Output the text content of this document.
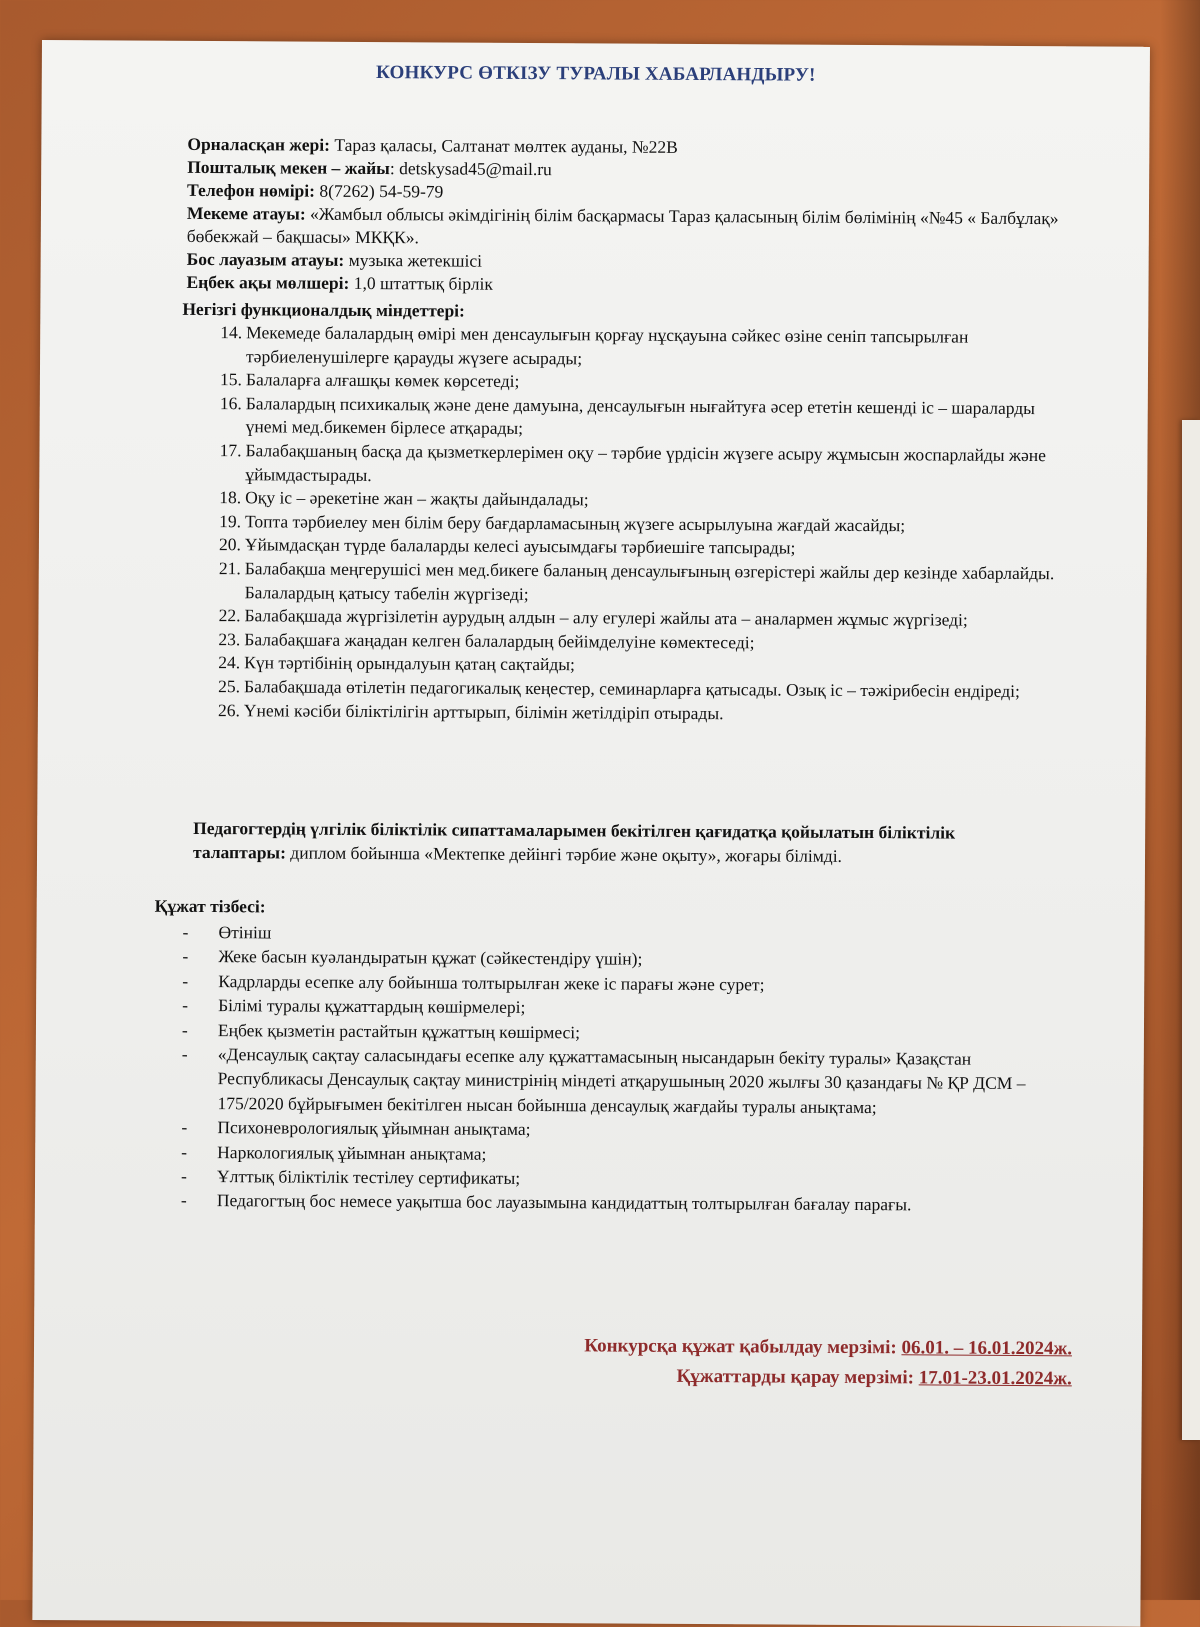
КОНКУРС ӨТКІЗУ ТУРАЛЫ ХАБАРЛАНДЫРУ!

Орналасқан жері: Тараз қаласы, Салтанат мөлтек ауданы, №22В

Пошталық мекен – жайы: detskysad45@mail.ru

Телефон нөмірі: 8(7262) 54-59-79

Мекеме атауы: «Жамбыл облысы әкімдігінің білім басқармасы Тараз қаласының білім бөлімінің «№45 « Балбұлақ» бөбекжай – бақшасы» МКҚК».

Бос лауазым атауы: музыка жетекшісі

Еңбек ақы мөлшері: 1,0 штаттық бірлік

Негізгі функционалдық міндеттері:
14. Мекемеде балалардың өмірі мен денсаулығын қорғау нұсқауына сәйкес өзіне сеніп тапсырылған тәрбиеленушілерге қарауды жүзеге асырады;
15. Балаларға алғашқы көмек көрсетеді;
16. Балалардың психикалық және дене дамуына, денсаулығын нығайтуға әсер ететін кешенді іс – шараларды үнемі мед.бикемен бірлесе атқарады;
17. Балабақшаның басқа да қызметкерлерімен оқу – тәрбие үрдісін жүзеге асыру жұмысын жоспарлайды және ұйымдастырады.
18. Оқу іс – әрекетіне жан – жақты дайындалады;
19. Топта тәрбиелеу мен білім беру бағдарламасының жүзеге асырылуына жағдай жасайды;
20. Ұйымдасқан түрде балаларды келесі ауысымдағы тәрбиешіге тапсырады;
21. Балабақша меңгерушісі мен мед.бикеге баланың денсаулығының өзгерістері жайлы дер кезінде хабарлайды. Балалардың қатысу табелін жүргізеді;
22. Балабақшада жүргізілетін аурудың алдын – алу егулері жайлы ата – аналармен жұмыс жүргізеді;
23. Балабақшаға жаңадан келген балалардың бейімделуіне көмектеседі;
24. Күн тәртібінің орындалуын қатаң сақтайды;
25. Балабақшада өтілетін педагогикалық кеңестер, семинарларға қатысады. Озық іс – тәжірибесін ендіреді;
26. Үнемі кәсіби біліктілігін арттырып, білімін жетілдіріп отырады.
Педагогтердің үлгілік біліктілік сипаттамаларымен бекітілген қағидатқа қойылатын біліктілік талаптары: диплом бойынша «Мектепке дейінгі тәрбие және оқыту», жоғары білімді.
Құжат тізбесі:
- Өтініш
- Жеке басын куәландыратын құжат (сәйкестендіру үшін);
- Кадрларды есепке алу бойынша толтырылған жеке іс парағы және сурет;
- Білімі туралы құжаттардың көшірмелері;
- Еңбек қызметін растайтын құжаттың көшірмесі;
- «Денсаулық сақтау саласындағы есепке алу құжаттамасының нысандарын бекіту туралы» Қазақстан Республикасы Денсаулық сақтау министрінің міндеті атқарушының 2020 жылғы 30 қазандағы № ҚР ДСМ – 175/2020 бұйрығымен бекітілген нысан бойынша денсаулық жағдайы туралы анықтама;
- Психоневрологиялық ұйымнан анықтама;
- Наркологиялық ұйымнан анықтама;
- Ұлттық біліктілік тестілеу сертификаты;
- Педагогтың бос немесе уақытша бос лауазымына кандидаттың толтырылған бағалау парағы.
Конкурсқа құжат қабылдау мерзімі: 06.01. – 16.01.2024ж.
Құжаттарды қарау мерзімі: 17.01-23.01.2024ж.
